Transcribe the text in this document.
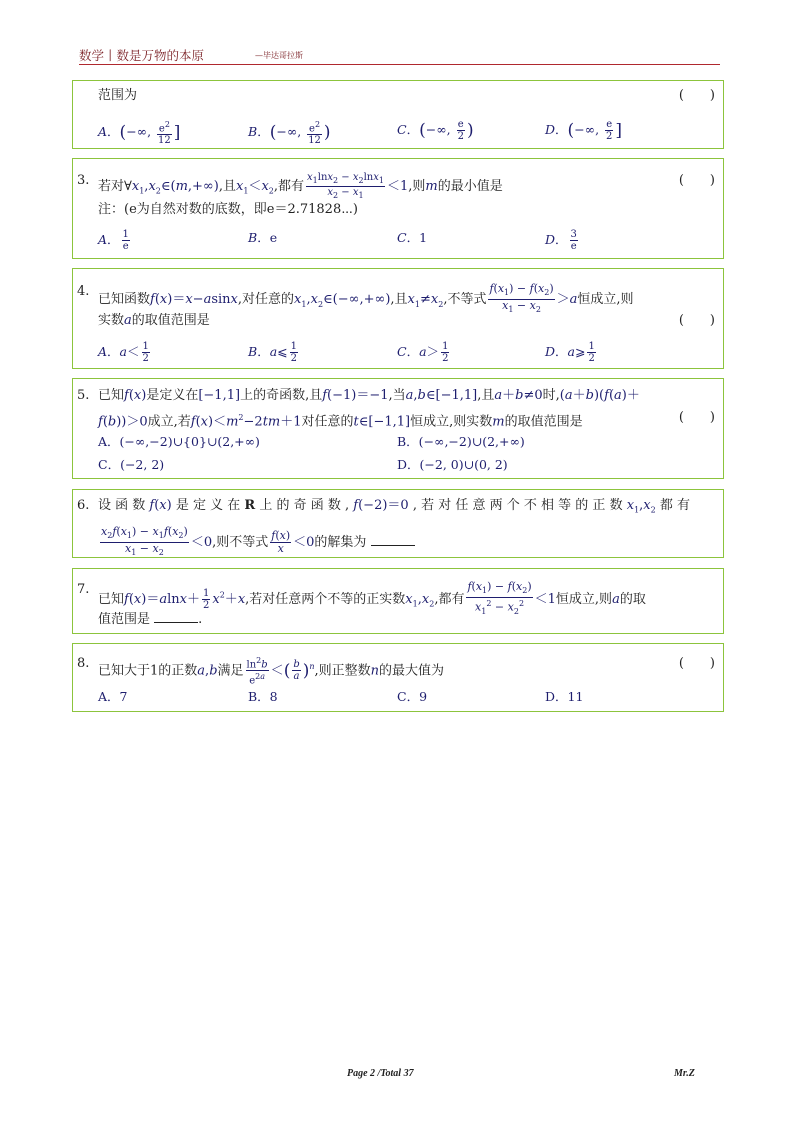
数学丨数是万物的本原	—毕达哥拉斯
范围为	(　　)
A．(−∞, $\frac{e^2}{12}$ ]	B．(−∞, $\frac{e^2}{12}$ )	C．(−∞, $\frac{e}{2}$ )	D．(−∞, $\frac{e}{2}$ ]
3. 若对$\forall x_1,x_2\in(m,+\infty)$,且$x_1<x_2$,都有 $\frac{x_1\ln x_2 - x_2\ln x_1}{x_2 - x_1} <1$,则m的最小值是	(　　)
注：(e为自然对数的底数，即e＝2.71828⋯)
A． $\frac{1}{e}$	B．e	C．1	D． $\frac{3}{e}$
4.
已知函数f(x)＝x−asinx,对任意的$x_1,x_2\in(-\infty,+\infty)$,且$x_1\ne x_2$,不等式 $\frac{f(x_1) - f(x_2)}{x_1 - x_2} >a$恒成立,则
实数a的取值范围是	(　　)
A．$a< \frac{1}{2}$	B．a⩽ $\frac{1}{2}$	C．$a> \frac{1}{2}$	D．a⩾ $\frac{1}{2}$
5. 已知f(x)是定义在[−1,1]上的奇函数,且f(−1)＝−1,当a,b∈[−1,1],且a＋b≠0时,(a＋b)(f(a)＋
f(b))＞0成立,若$f(x)<m^2-2tm+1$对任意的t∈[−1,1]恒成立,则实数m的取值范围是	(　　)
A．(−∞,−2)∪{0}∪(2,+∞)	B．(−∞,−2)∪(2,+∞)
C．(−2, 2)	D．(−2, 0)∪(0, 2)
6. 设 函 数 f(x) 是 定 义 在 R 上 的 奇 函 数 , f(−2)＝0 , 若 对 任 意 两 个 不 相 等 的 正 数 $x_1,x_2$ 都 有
$\frac{x_2f(x_1) - x_1f(x_2)}{x_1 - x_2} <0$,则不等式 $\frac{f(x)}{x} <0$的解集为
7.
已知$f(x)=alnx+ \frac{1}{2} x^2+x$,若对任意两个不等的正实数$x_1,x_2$,都有 $\frac{f(x_1) - f(x_2)}{x_1^2 - x_2^2} <1$恒成立,则a的取
值范围是	.
8. 已知大于1的正数a,b满足 $\frac{\ln^2b}{e^{2a}}$ ＜( $\frac{b}{a} )^n$,则正整数n的最大值为	(　　)
A．7	B．8	C．9	D．11
Page 2 /Total 37	Mr.Z
